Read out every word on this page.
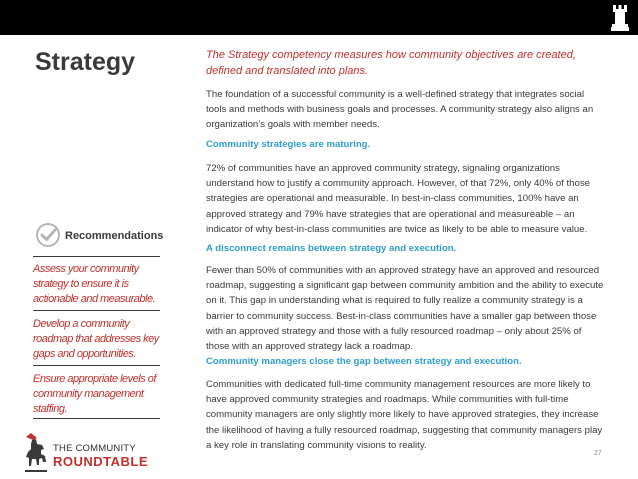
Strategy
Recommendations
Assess your community strategy to ensure it is actionable and measurable.
Develop a community roadmap that addresses key gaps and opportunities.
Ensure appropriate levels of community management staffing.
THE COMMUNITY
ROUNDTABLE
The Strategy competency measures how community objectives are created, defined and translated into plans.
The foundation of a successful community is a well-defined strategy that integrates social tools and methods with business goals and processes. A community strategy also aligns an organization’s goals with member needs.
Community strategies are maturing.
72% of communities have an approved community strategy, signaling organizations understand how to justify a community approach. However, of that 72%, only 40% of those strategies are operational and measurable. In best-in-class communities, 100% have an approved strategy and 79% have strategies that are operational and measureable – an indicator of why best-in-class communities are twice as likely to be able to measure value.
A disconnect remains between strategy and execution.
Fewer than 50% of communities with an approved strategy have an approved and resourced roadmap, suggesting a significant gap between community ambition and the ability to execute on it. This gap in understanding what is required to fully realize a community strategy is a barrier to community success. Best-in-class communities have a smaller gap between those with an approved strategy and those with a fully resourced roadmap – only about 25% of those with an approved strategy lack a roadmap.
Community managers close the gap between strategy and execution.
Communities with dedicated full-time community management resources are more likely to have approved community strategies and roadmaps. While communities with full-time community managers are only slightly more likely to have approved strategies, they increase the likelihood of having a fully resourced roadmap, suggesting that community managers play a key role in translating community visions to reality.
27
